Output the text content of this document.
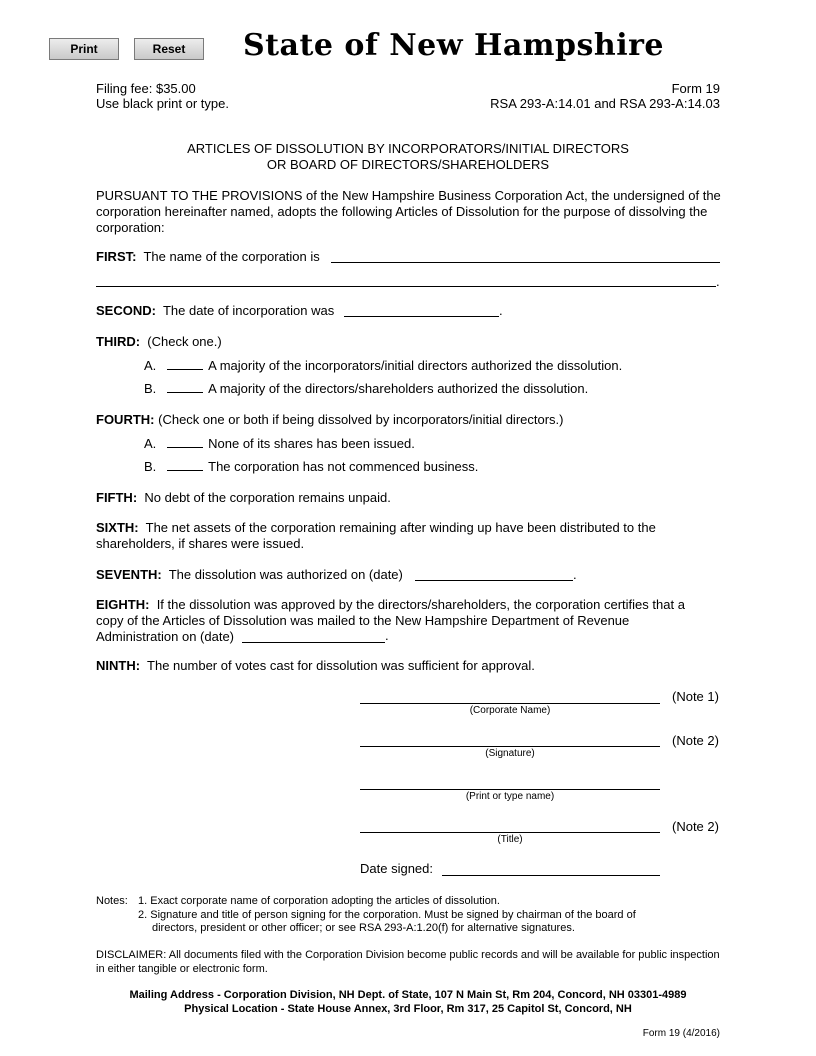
Print	Reset	State of New Hampshire
Filing fee: $35.00
Use black print or type.
Form 19
RSA 293-A:14.01 and RSA 293-A:14.03
ARTICLES OF DISSOLUTION BY INCORPORATORS/INITIAL DIRECTORS
OR BOARD OF DIRECTORS/SHAREHOLDERS
PURSUANT TO THE PROVISIONS of the New Hampshire Business Corporation Act, the undersigned of the corporation hereinafter named, adopts the following Articles of Dissolution for the purpose of dissolving the corporation:
FIRST: The name of the corporation is
.
SECOND: The date of incorporation was	.
THIRD: (Check one.)
A.	A majority of the incorporators/initial directors authorized the dissolution.
B.	A majority of the directors/shareholders authorized the dissolution.
FOURTH: (Check one or both if being dissolved by incorporators/initial directors.)
A.	None of its shares has been issued.
B.	The corporation has not commenced business.
FIFTH: No debt of the corporation remains unpaid.
SIXTH: The net assets of the corporation remaining after winding up have been distributed to the shareholders, if shares were issued.
SEVENTH: The dissolution was authorized on (date)	.
EIGHTH: If the dissolution was approved by the directors/shareholders, the corporation certifies that a copy of the Articles of Dissolution was mailed to the New Hampshire Department of Revenue Administration on (date)	.
NINTH: The number of votes cast for dissolution was sufficient for approval.
(Note 1)
(Corporate Name)
(Note 2)
(Signature)
(Print or type name)
(Note 2)
(Title)
Date signed:
Notes: 1. Exact corporate name of corporation adopting the articles of dissolution.
2. Signature and title of person signing for the corporation. Must be signed by chairman of the board of
directors, president or other officer; or see RSA 293-A:1.20(f) for alternative signatures.
DISCLAIMER: All documents filed with the Corporation Division become public records and will be available for public inspection in either tangible or electronic form.
Mailing Address - Corporation Division, NH Dept. of State, 107 N Main St, Rm 204, Concord, NH 03301-4989
Physical Location - State House Annex, 3rd Floor, Rm 317, 25 Capitol St, Concord, NH
Form 19 (4/2016)
